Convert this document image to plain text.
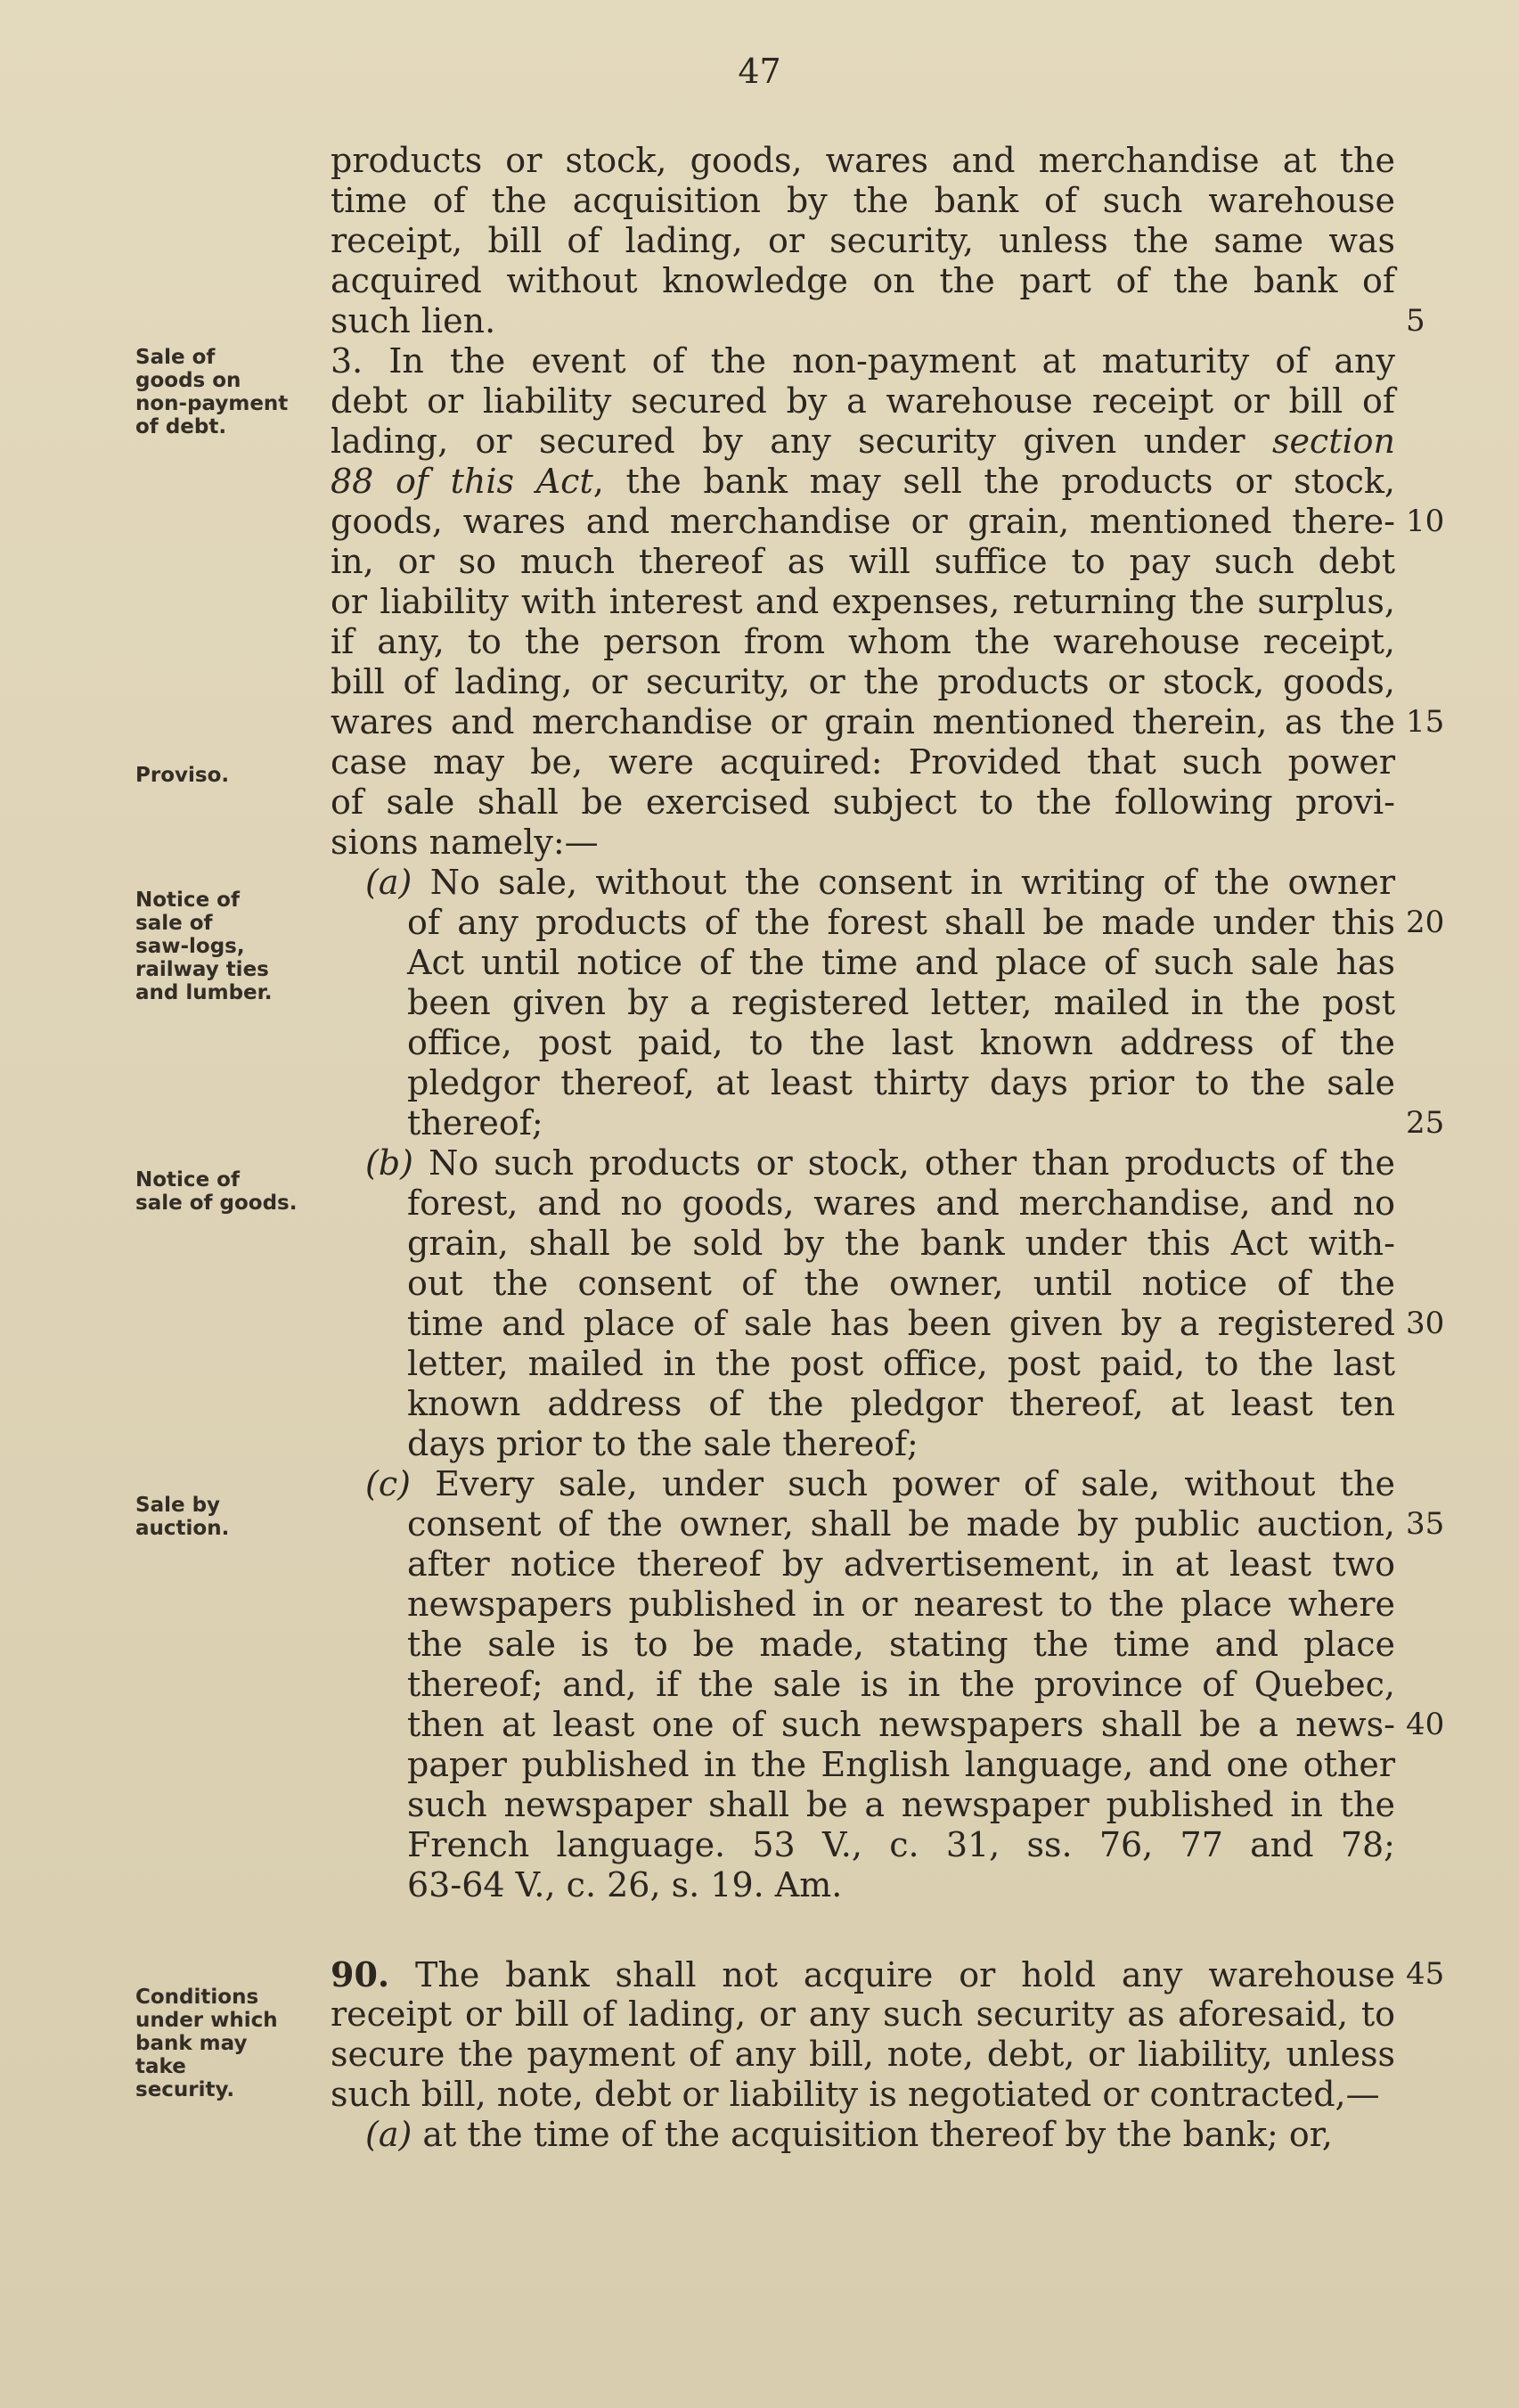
47
products or stock, goods, wares and merchandise at the
time of the acquisition by the bank of such warehouse
receipt, bill of lading, or security, unless the same was
acquired without knowledge on the part of the bank of
such lien.
3. In the event of the non-payment at maturity of any
debt or liability secured by a warehouse receipt or bill of
lading, or secured by any security given under section
88 of this Act, the bank may sell the products or stock,
goods, wares and merchandise or grain, mentioned there-
in, or so much thereof as will suffice to pay such debt
or liability with interest and expenses, returning the surplus,
if any, to the person from whom the warehouse receipt,
bill of lading, or security, or the products or stock, goods,
wares and merchandise or grain mentioned therein, as the
case may be, were acquired: Provided that such power
of sale shall be exercised subject to the following provi-
sions namely:—
(a) No sale, without the consent in writing of the owner
of any products of the forest shall be made under this
Act until notice of the time and place of such sale has
been given by a registered letter, mailed in the post
office, post paid, to the last known address of the
pledgor thereof, at least thirty days prior to the sale
thereof;
(b) No such products or stock, other than products of the
forest, and no goods, wares and merchandise, and no
grain, shall be sold by the bank under this Act with-
out the consent of the owner, until notice of the
time and place of sale has been given by a registered
letter, mailed in the post office, post paid, to the last
known address of the pledgor thereof, at least ten
days prior to the sale thereof;
(c) Every sale, under such power of sale, without the
consent of the owner, shall be made by public auction,
after notice thereof by advertisement, in at least two
newspapers published in or nearest to the place where
the sale is to be made, stating the time and place
thereof; and, if the sale is in the province of Quebec,
then at least one of such newspapers shall be a news-
paper published in the English language, and one other
such newspaper shall be a newspaper published in the
French language. 53 V., c. 31, ss. 76, 77 and 78;
63-64 V., c. 26, s. 19. Am.
90. The bank shall not acquire or hold any warehouse
receipt or bill of lading, or any such security as aforesaid, to
secure the payment of any bill, note, debt, or liability, unless
such bill, note, debt or liability is negotiated or contracted,—
(a) at the time of the acquisition thereof by the bank; or,
5
10
15
20
25
30
35
40
45
Sale of
goods on
non-payment
of debt.
Proviso.
Notice of
sale of
saw-logs,
railway ties
and lumber.
Notice of
sale of goods.
Sale by
auction.
Conditions
under which
bank may
take
security.
